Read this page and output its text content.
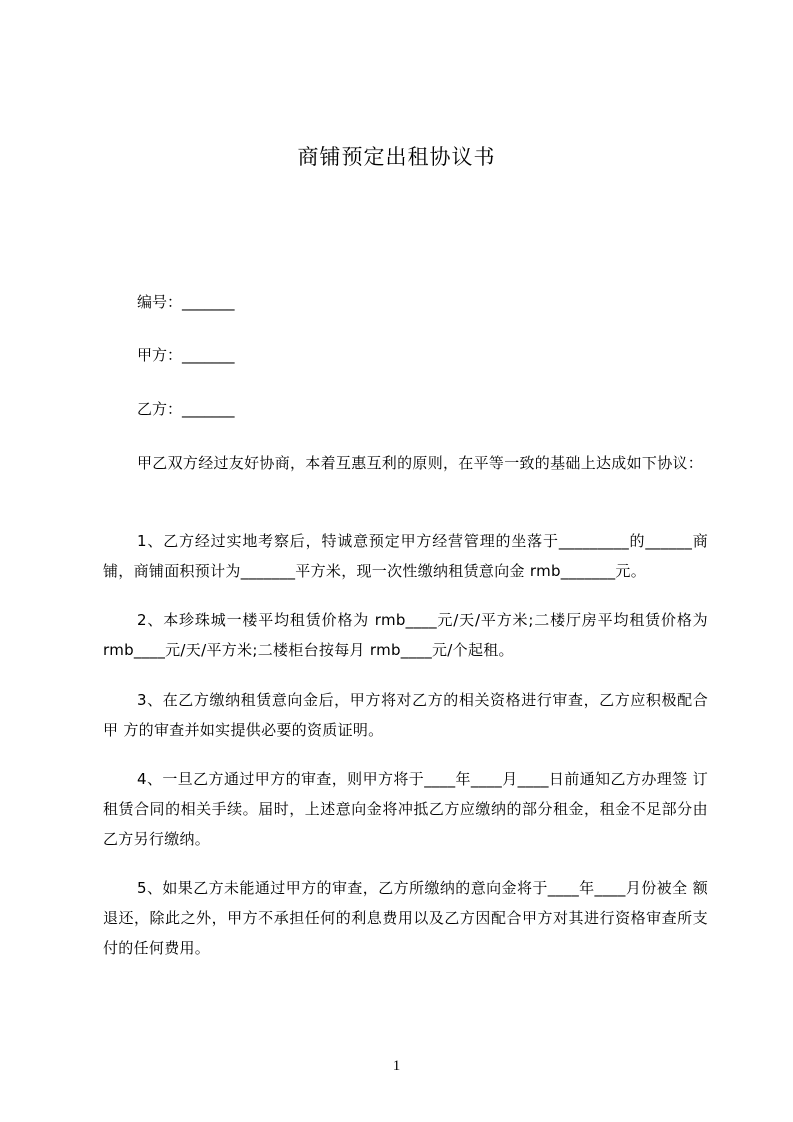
商铺预定出租协议书
编号：_______
甲方：_______
乙方：_______
甲乙双方经过友好协商，本着互惠互利的原则，在平等一致的基础上达成如下协议：
1、乙方经过实地考察后，特诚意预定甲方经营管理的坐落于_________的______商铺，商铺面积预计为_______平方米，现一次性缴纳租赁意向金 rmb_______元。
2、本珍珠城一楼平均租赁价格为 rmb____元/天/平方米;二楼厅房平均租赁价格为 rmb____元/天/平方米;二楼柜台按每月 rmb____元/个起租。
3、在乙方缴纳租赁意向金后，甲方将对乙方的相关资格进行审查，乙方应积极配合甲 方的审查并如实提供必要的资质证明。
4、一旦乙方通过甲方的审查，则甲方将于____年____月____日前通知乙方办理签 订租赁合同的相关手续。届时，上述意向金将冲抵乙方应缴纳的部分租金，租金不足部分由乙方另行缴纳。
5、如果乙方未能通过甲方的审查，乙方所缴纳的意向金将于____年____月份被全 额退还，除此之外，甲方不承担任何的利息费用以及乙方因配合甲方对其进行资格审查所支付的任何费用。
1
